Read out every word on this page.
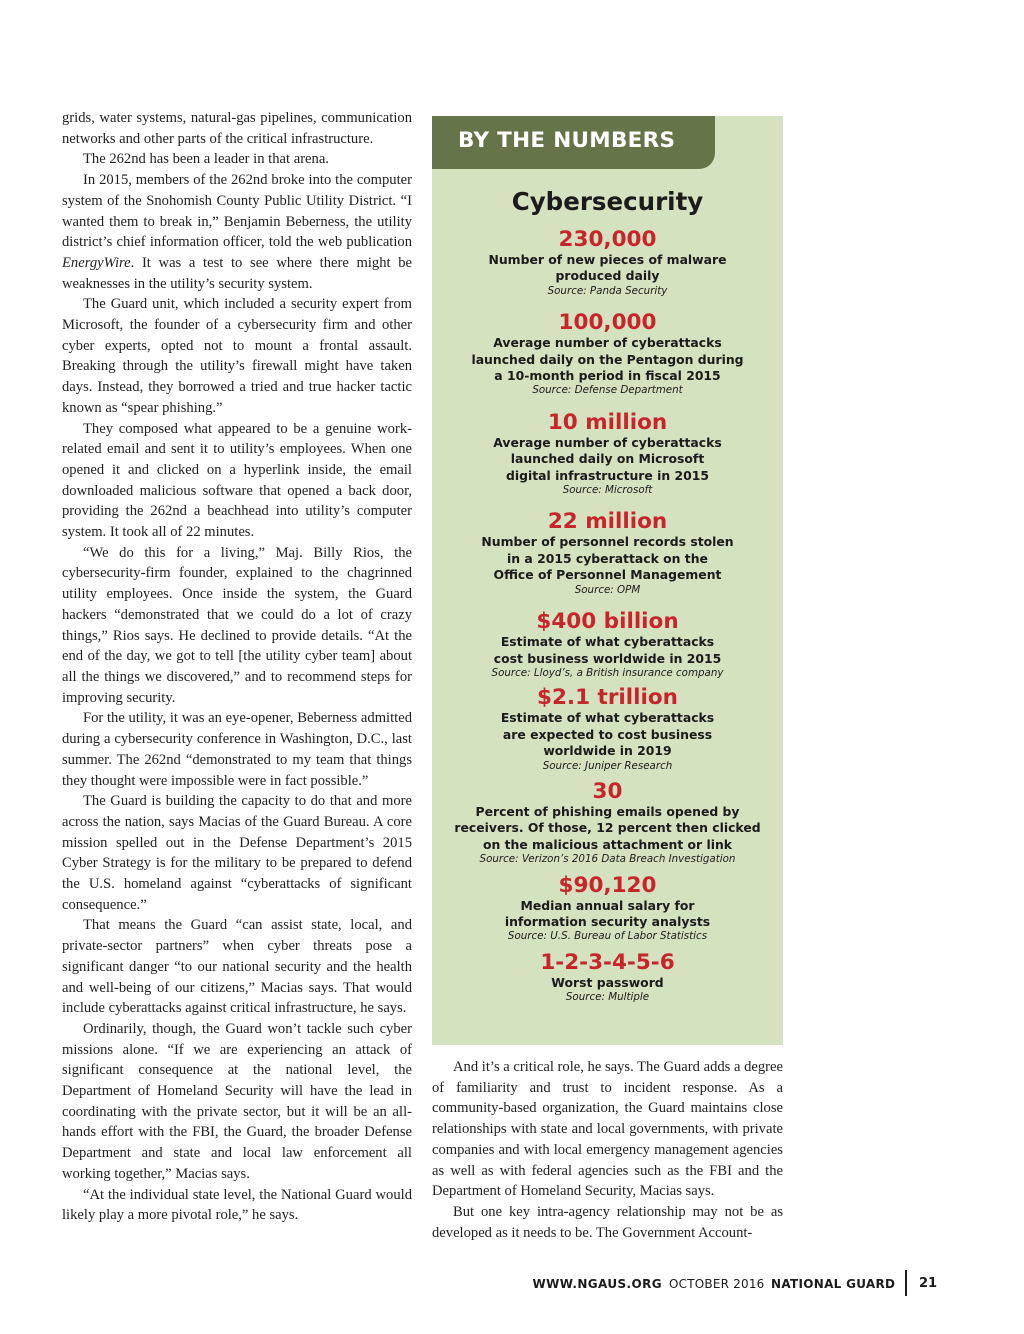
grids, water systems, natural-gas pipelines, communication networks and other parts of the critical infrastructure.

The 262nd has been a leader in that arena.

In 2015, members of the 262nd broke into the computer system of the Snohomish County Public Utility District. “I wanted them to break in,” Benjamin Beberness, the utility district’s chief information officer, told the web publication EnergyWire. It was a test to see where there might be weaknesses in the utility’s security system.

The Guard unit, which included a security expert from Microsoft, the founder of a cybersecurity firm and other cyber experts, opted not to mount a frontal assault. Breaking through the utility’s firewall might have taken days. Instead, they borrowed a tried and true hacker tactic known as “spear phishing.”

They composed what appeared to be a genuine work-related email and sent it to utility’s employees. When one opened it and clicked on a hyperlink inside, the email downloaded malicious software that opened a back door, providing the 262nd a beachhead into utility’s computer system. It took all of 22 minutes.

“We do this for a living,” Maj. Billy Rios, the cybersecurity-firm founder, explained to the chagrinned utility employees. Once inside the system, the Guard hackers “demonstrated that we could do a lot of crazy things,” Rios says. He declined to provide details. “At the end of the day, we got to tell [the utility cyber team] about all the things we discovered,” and to recommend steps for improving security.

For the utility, it was an eye-opener, Beberness admitted during a cybersecurity conference in Washington, D.C., last summer. The 262nd “demonstrated to my team that things they thought were impossible were in fact possible.”

The Guard is building the capacity to do that and more across the nation, says Macias of the Guard Bureau. A core mission spelled out in the Defense Department’s 2015 Cyber Strategy is for the military to be prepared to defend the U.S. homeland against “cyberattacks of significant consequence.”

That means the Guard “can assist state, local, and private-sector partners” when cyber threats pose a significant danger “to our national security and the health and well-being of our citizens,” Macias says. That would include cyberattacks against critical infrastructure, he says.

Ordinarily, though, the Guard won’t tackle such cyber missions alone. “If we are experiencing an attack of significant consequence at the national level, the Department of Homeland Security will have the lead in coordinating with the private sector, but it will be an all-hands effort with the FBI, the Guard, the broader Defense Department and state and local law enforcement all working together,” Macias says.

“At the individual state level, the National Guard would likely play a more pivotal role,” he says.

BY THE NUMBERS
Cybersecurity
230,000
Number of new pieces of malware
produced daily
Source: Panda Security
100,000
Average number of cyberattacks
launched daily on the Pentagon during
a 10-month period in fiscal 2015
Source: Defense Department
10 million
Average number of cyberattacks
launched daily on Microsoft
digital infrastructure in 2015
Source: Microsoft
22 million
Number of personnel records stolen
in a 2015 cyberattack on the
Office of Personnel Management
Source: OPM
$400 billion
Estimate of what cyberattacks
cost business worldwide in 2015
Source: Lloyd’s, a British insurance company
$2.1 trillion
Estimate of what cyberattacks
are expected to cost business
worldwide in 2019
Source: Juniper Research
30
Percent of phishing emails opened by
receivers. Of those, 12 percent then clicked
on the malicious attachment or link
Source: Verizon’s 2016 Data Breach Investigation
$90,120
Median annual salary for
information security analysts
Source: U.S. Bureau of Labor Statistics
1-2-3-4-5-6
Worst password
Source: Multiple

And it’s a critical role, he says. The Guard adds a degree of familiarity and trust to incident response. As a community-based organization, the Guard maintains close relationships with state and local governments, with private companies and with local emergency management agencies as well as with federal agencies such as the FBI and the Department of Homeland Security, Macias says.

But one key intra-agency relationship may not be as developed as it needs to be. The Government Account-

WWW.NGAUS.ORG OCTOBER 2016 NATIONAL GUARD 21
